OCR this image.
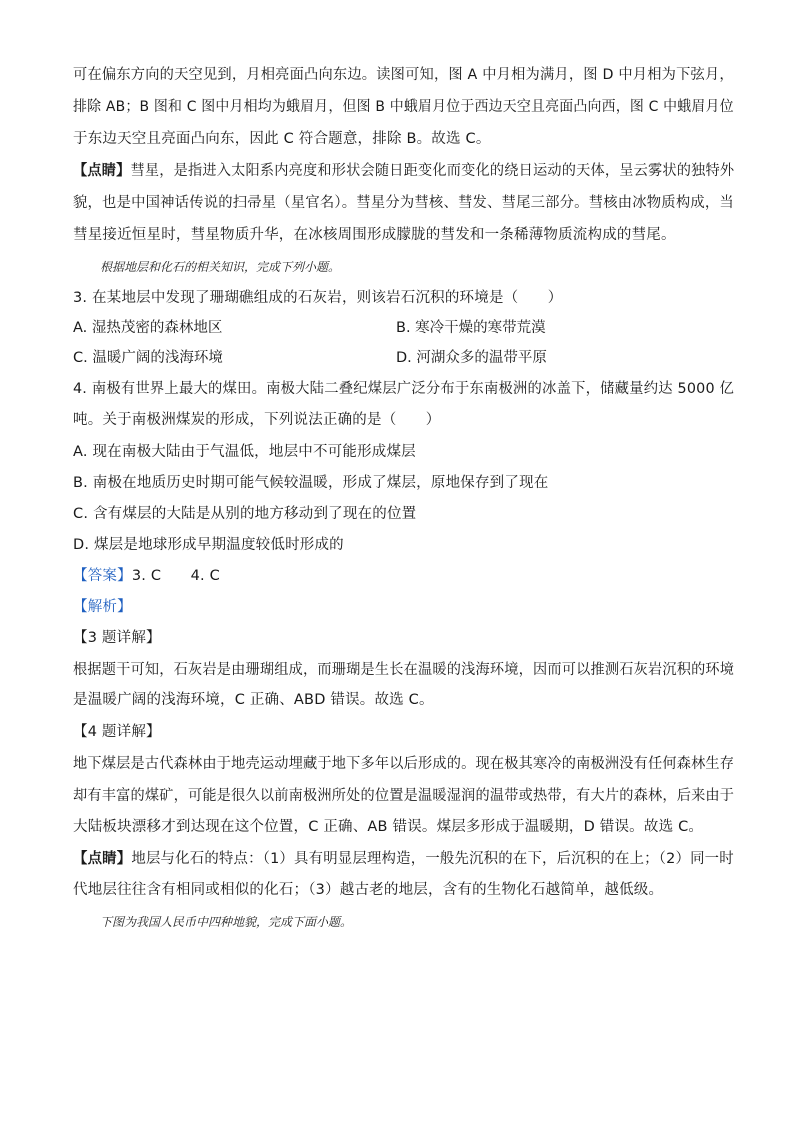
可在偏东方向的天空见到，月相亮面凸向东边。读图可知，图 A 中月相为满月，图 D 中月相为下弦月，
排除 AB；B 图和 C 图中月相均为蛾眉月，但图 B 中蛾眉月位于西边天空且亮面凸向西，图 C 中蛾眉月位
于东边天空且亮面凸向东，因此 C 符合题意，排除 B。故选 C。
【点睛】彗星，是指进入太阳系内亮度和形状会随日距变化而变化的绕日运动的天体，呈云雾状的独特外
貌，也是中国神话传说的扫帚星（星官名）。彗星分为彗核、彗发、彗尾三部分。彗核由冰物质构成，当
彗星接近恒星时，彗星物质升华，在冰核周围形成朦胧的彗发和一条稀薄物质流构成的彗尾。
根据地层和化石的相关知识，完成下列小题。
3. 在某地层中发现了珊瑚礁组成的石灰岩，则该岩石沉积的环境是（　　）
A. 湿热茂密的森林地区	B. 寒冷干燥的寒带荒漠
C. 温暖广阔的浅海环境	D. 河湖众多的温带平原
4. 南极有世界上最大的煤田。南极大陆二叠纪煤层广泛分布于东南极洲的冰盖下，储藏量约达 5000 亿
吨。关于南极洲煤炭的形成，下列说法正确的是（　　）
A. 现在南极大陆由于气温低，地层中不可能形成煤层
B. 南极在地质历史时期可能气候较温暖，形成了煤层，原地保存到了现在
C. 含有煤层的大陆是从别的地方移动到了现在的位置
D. 煤层是地球形成早期温度较低时形成的
【答案】3. C　　4. C
【解析】
【3 题详解】
根据题干可知，石灰岩是由珊瑚组成，而珊瑚是生长在温暖的浅海环境，因而可以推测石灰岩沉积的环境
是温暖广阔的浅海环境，C 正确、ABD 错误。故选 C。
【4 题详解】
地下煤层是古代森林由于地壳运动埋藏于地下多年以后形成的。现在极其寒冷的南极洲没有任何森林生存
却有丰富的煤矿，可能是很久以前南极洲所处的位置是温暖湿润的温带或热带，有大片的森林，后来由于
大陆板块漂移才到达现在这个位置，C 正确、AB 错误。煤层多形成于温暖期，D 错误。故选 C。
【点睛】地层与化石的特点：（1）具有明显层理构造，一般先沉积的在下，后沉积的在上；（2）同一时
代地层往往含有相同或相似的化石；（3）越古老的地层，含有的生物化石越简单，越低级。
下图为我国人民币中四种地貌，完成下面小题。
